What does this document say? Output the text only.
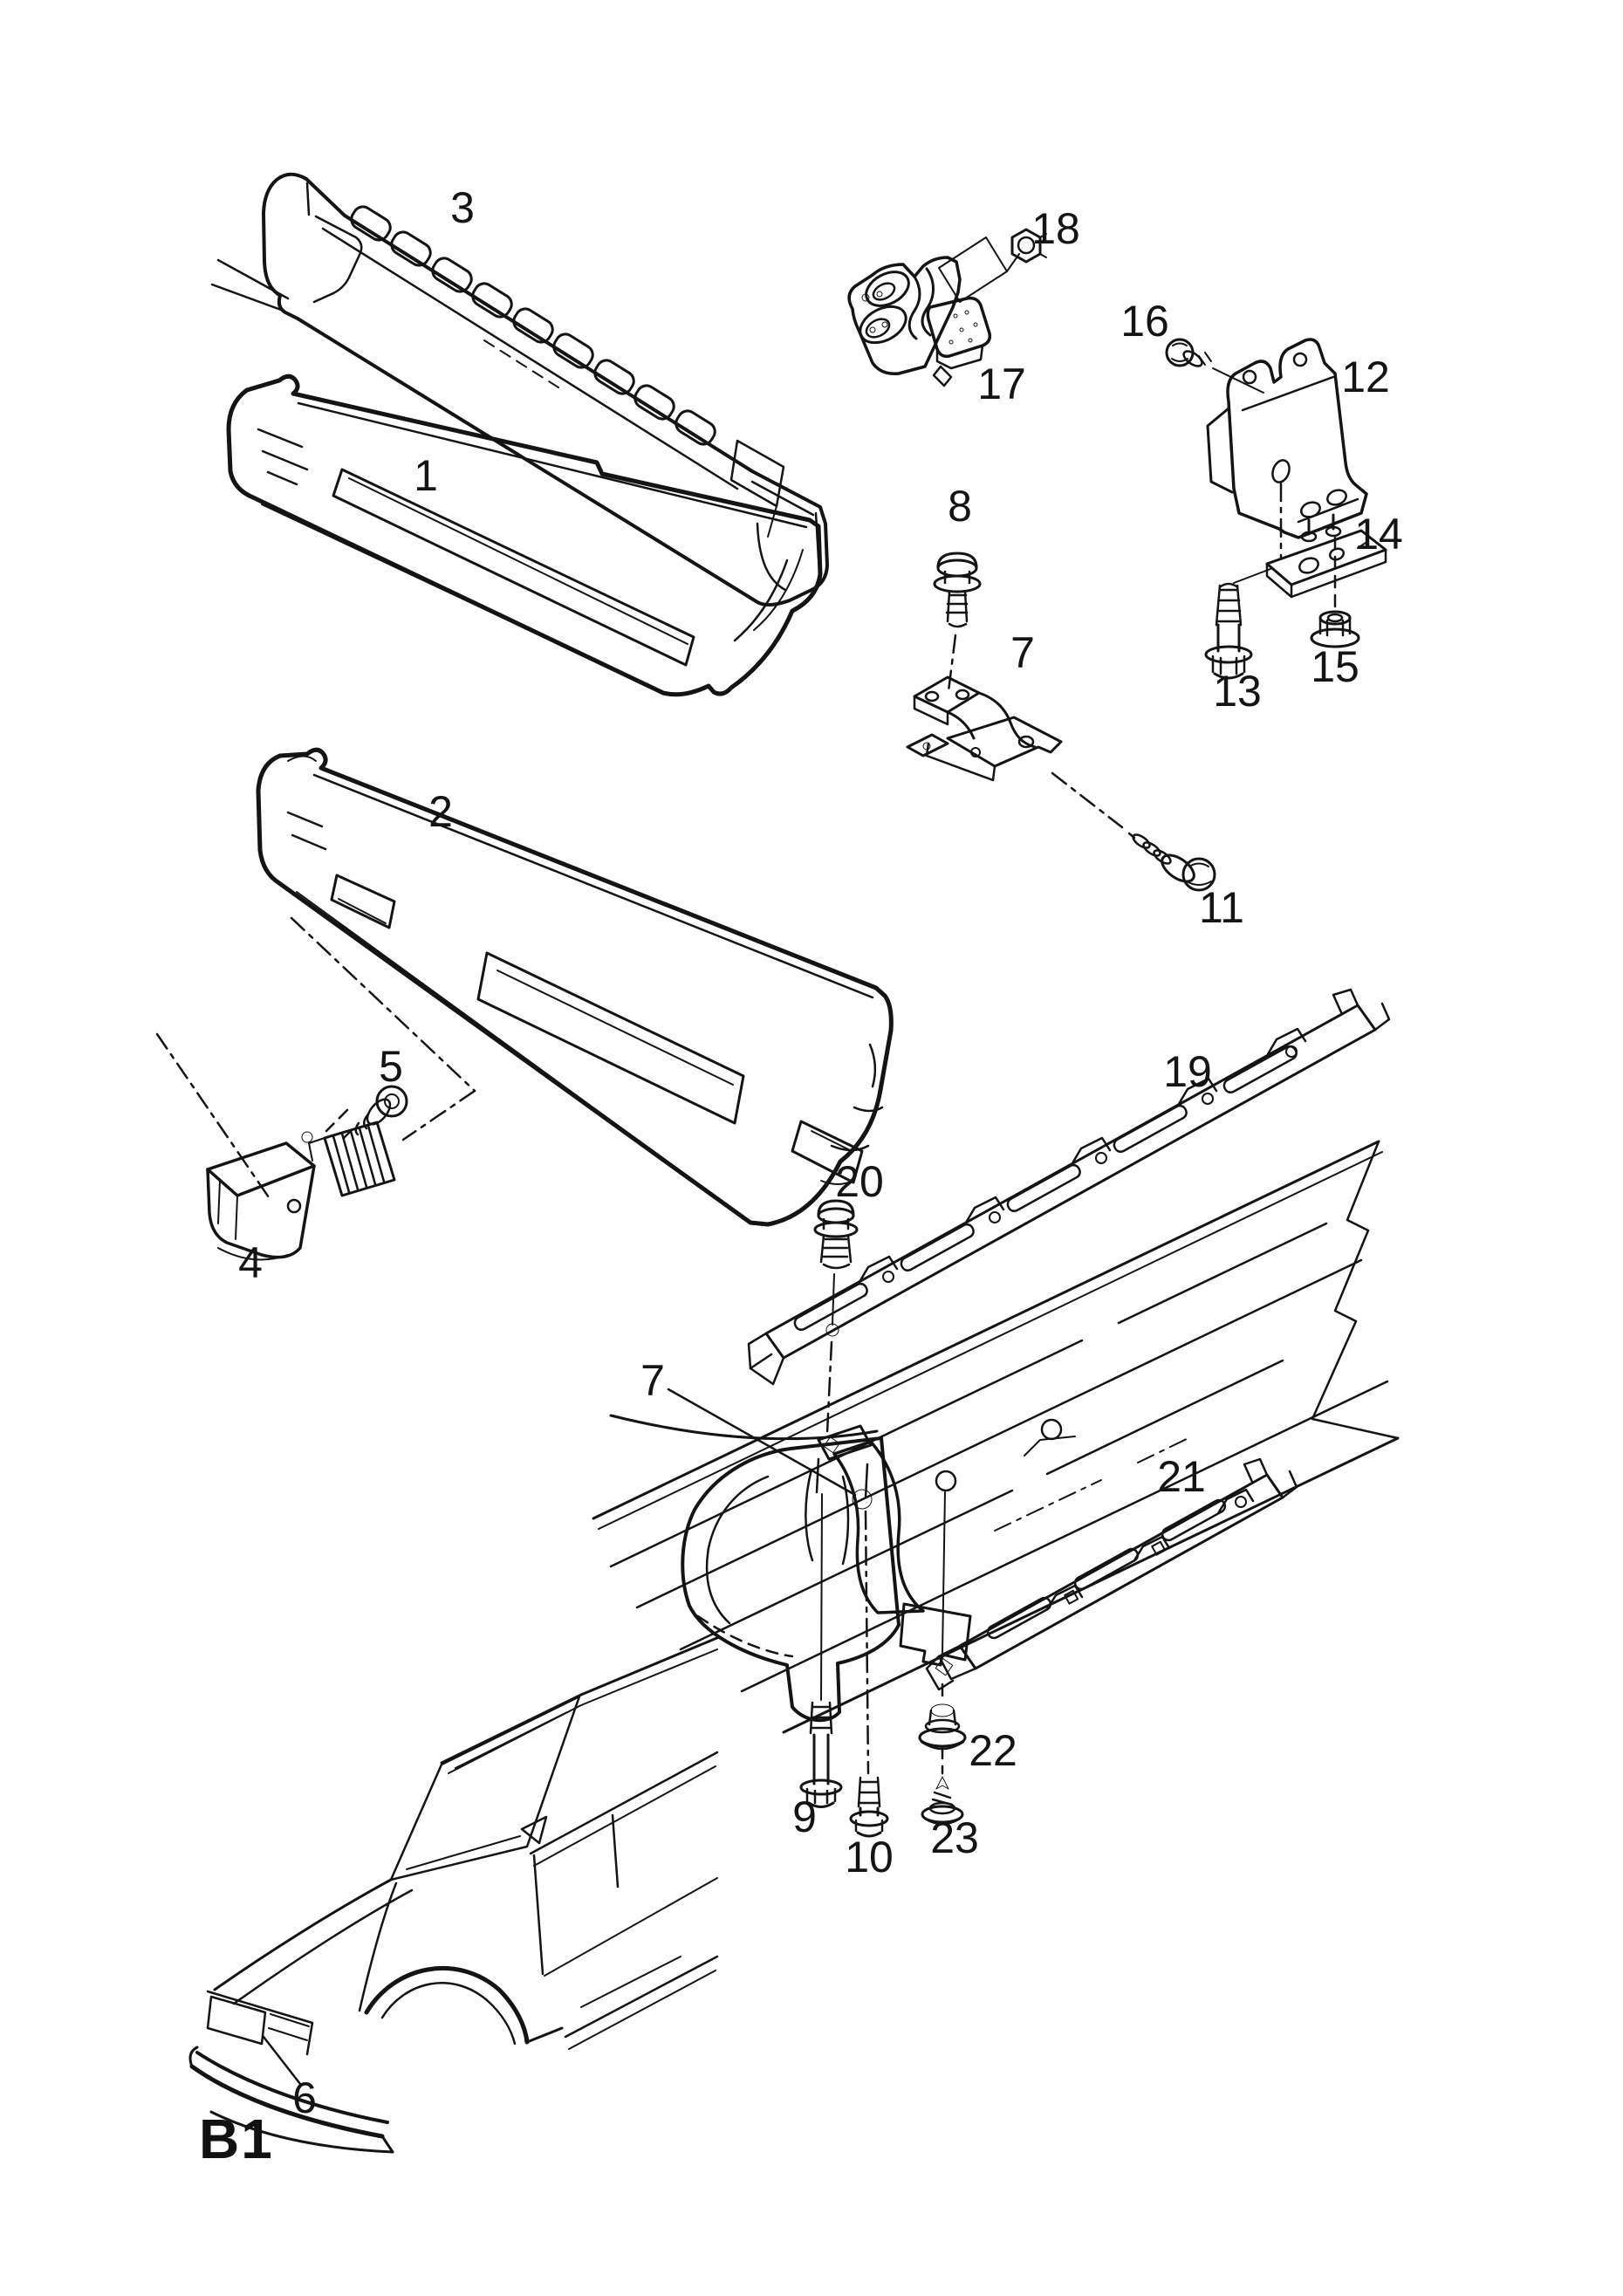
3
1
2
5
4
6
7
8
11
12
13
14
15
16
17
18
19
20
7
21
22
9
10 23
B1
